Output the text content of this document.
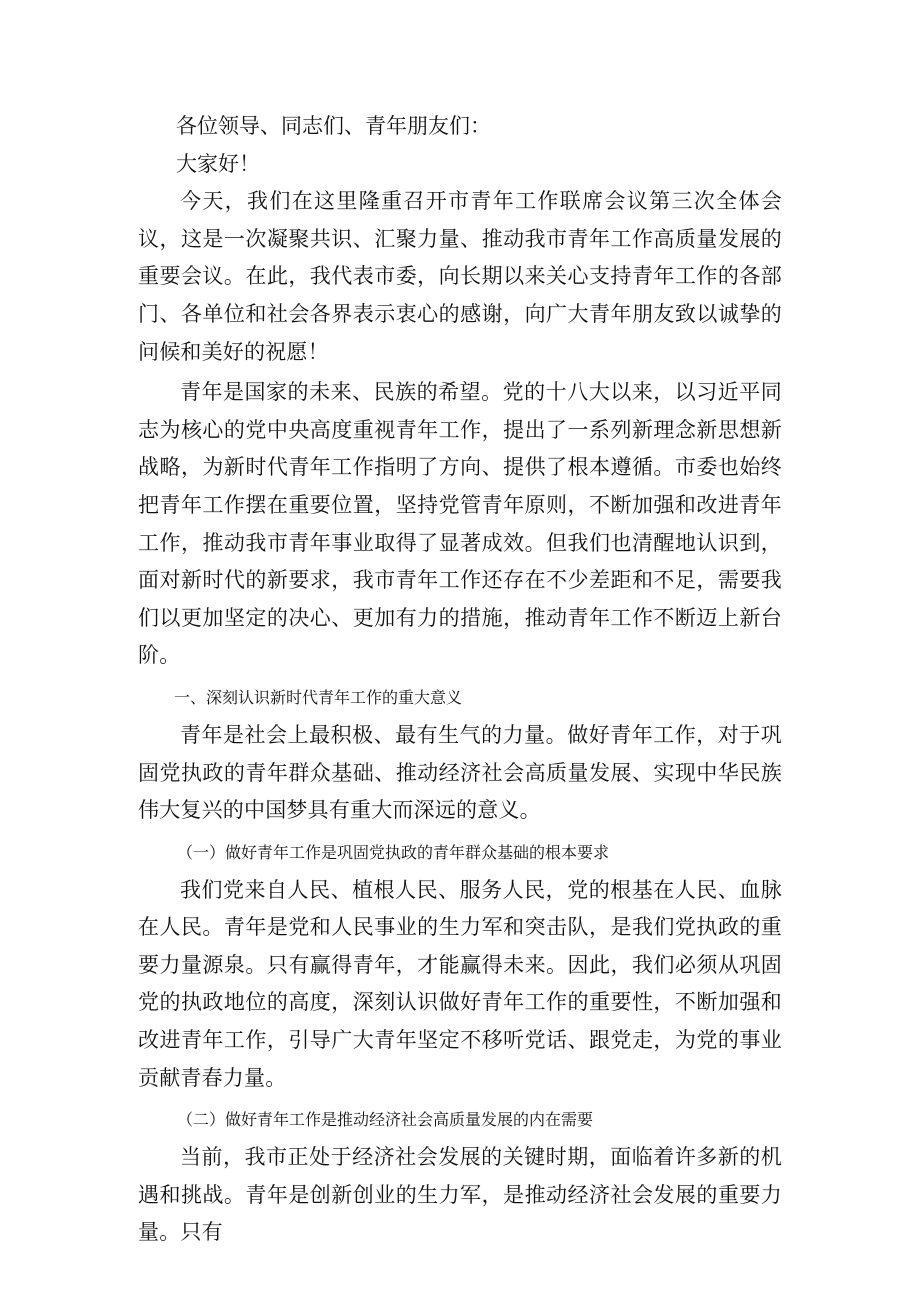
各位领导、同志们、青年朋友们：

大家好！

今天，我们在这里隆重召开市青年工作联席会议第三次全体会议，这是一次凝聚共识、汇聚力量、推动我市青年工作高质量发展的重要会议。在此，我代表市委，向长期以来关心支持青年工作的各部门、各单位和社会各界表示衷心的感谢，向广大青年朋友致以诚挚的问候和美好的祝愿！

青年是国家的未来、民族的希望。党的十八大以来，以习近平同志为核心的党中央高度重视青年工作，提出了一系列新理念新思想新战略，为新时代青年工作指明了方向、提供了根本遵循。市委也始终把青年工作摆在重要位置，坚持党管青年原则，不断加强和改进青年工作，推动我市青年事业取得了显著成效。但我们也清醒地认识到，面对新时代的新要求，我市青年工作还存在不少差距和不足，需要我们以更加坚定的决心、更加有力的措施，推动青年工作不断迈上新台阶。

一、深刻认识新时代青年工作的重大意义

青年是社会上最积极、最有生气的力量。做好青年工作，对于巩固党执政的青年群众基础、推动经济社会高质量发展、实现中华民族伟大复兴的中国梦具有重大而深远的意义。

（一）做好青年工作是巩固党执政的青年群众基础的根本要求

我们党来自人民、植根人民、服务人民，党的根基在人民、血脉在人民。青年是党和人民事业的生力军和突击队，是我们党执政的重要力量源泉。只有赢得青年，才能赢得未来。因此，我们必须从巩固党的执政地位的高度，深刻认识做好青年工作的重要性，不断加强和改进青年工作，引导广大青年坚定不移听党话、跟党走，为党的事业贡献青春力量。

（二）做好青年工作是推动经济社会高质量发展的内在需要

当前，我市正处于经济社会发展的关键时期，面临着许多新的机遇和挑战。青年是创新创业的生力军，是推动经济社会发展的重要力量。只有
